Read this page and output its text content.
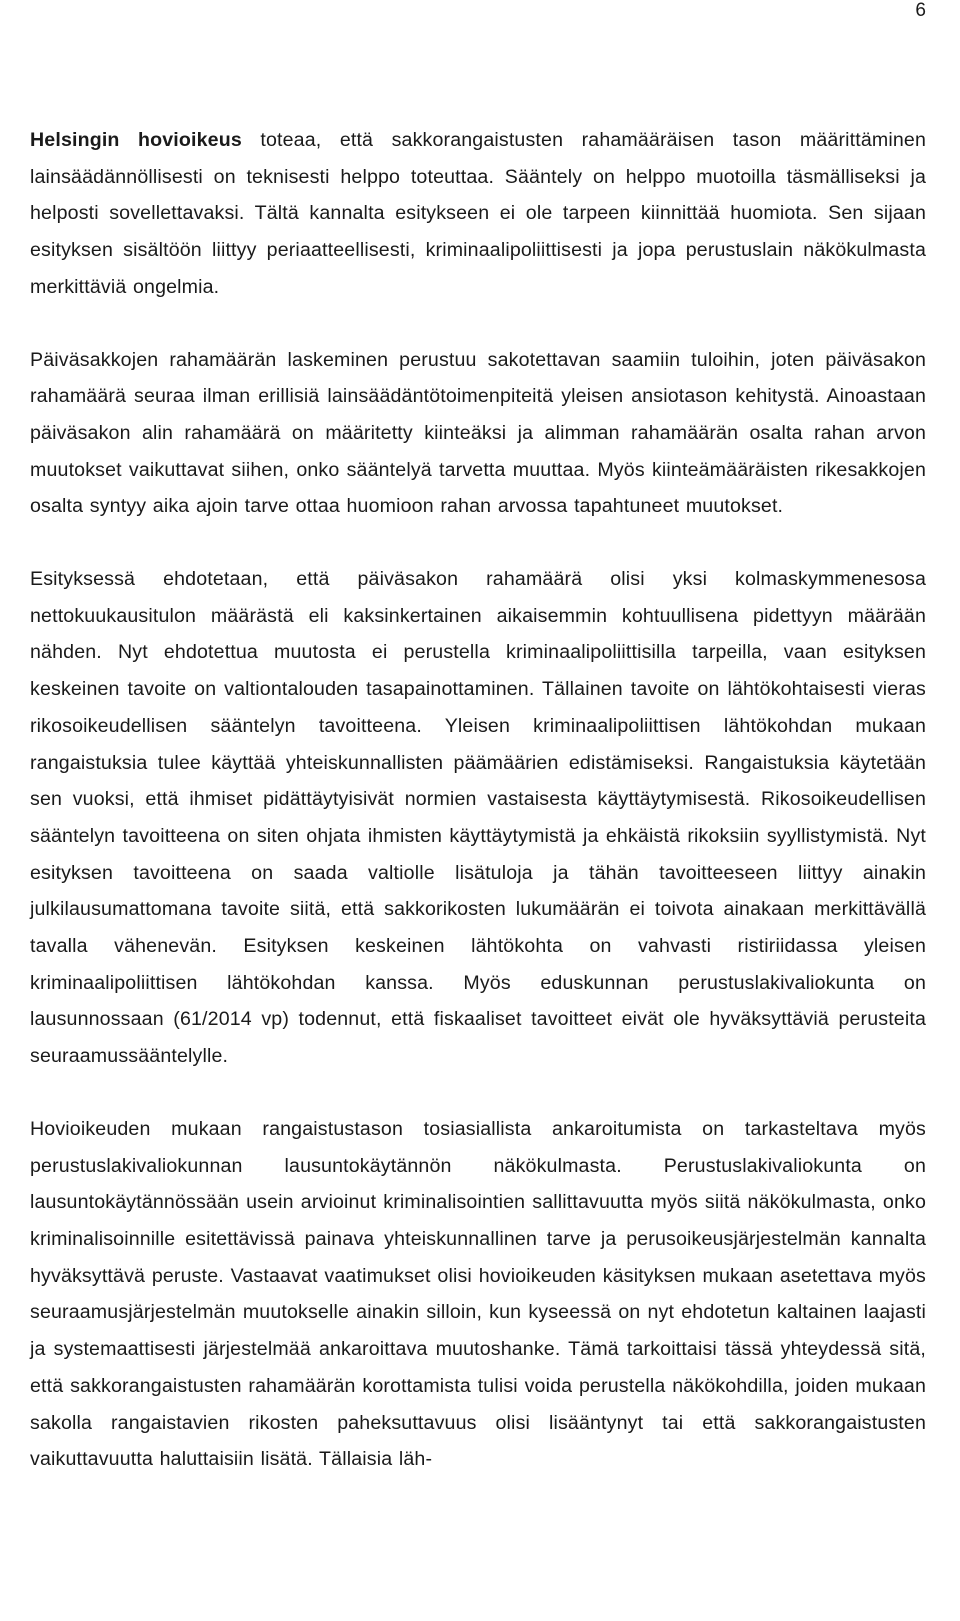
6

Helsingin hovioikeus toteaa, että sakkorangaistusten rahamääräisen tason määrittäminen lainsäädännöllisesti on teknisesti helppo toteuttaa. Sääntely on helppo muotoilla täsmälliseksi ja helposti sovellettavaksi. Tältä kannalta esitykseen ei ole tarpeen kiinnittää huomiota. Sen sijaan esityksen sisältöön liittyy periaatteellisesti, kriminaalipoliittisesti ja jopa perustuslain näkökulmasta merkittäviä ongelmia.

Päiväsakkojen rahamäärän laskeminen perustuu sakotettavan saamiin tuloihin, joten päiväsakon rahamäärä seuraa ilman erillisiä lainsäädäntötoimenpiteitä yleisen ansiotason kehitystä. Ainoastaan päiväsakon alin rahamäärä on määritetty kiinteäksi ja alimman rahamäärän osalta rahan arvon muutokset vaikuttavat siihen, onko sääntelyä tarvetta muuttaa. Myös kiinteämääräisten rikesakkojen osalta syntyy aika ajoin tarve ottaa huomioon rahan arvossa tapahtuneet muutokset.

Esityksessä ehdotetaan, että päiväsakon rahamäärä olisi yksi kolmaskymmenesosa nettokuukausitulon määrästä eli kaksinkertainen aikaisemmin kohtuullisena pidettyyn määrään nähden. Nyt ehdotettua muutosta ei perustella kriminaalipoliittisilla tarpeilla, vaan esityksen keskeinen tavoite on valtiontalouden tasapainottaminen. Tällainen tavoite on lähtökohtaisesti vieras rikosoikeudellisen sääntelyn tavoitteena. Yleisen kriminaalipoliittisen lähtökohdan mukaan rangaistuksia tulee käyttää yhteiskunnallisten päämäärien edistämiseksi. Rangaistuksia käytetään sen vuoksi, että ihmiset pidättäytyisivät normien vastaisesta käyttäytymisestä. Rikosoikeudellisen sääntelyn tavoitteena on siten ohjata ihmisten käyttäytymistä ja ehkäistä rikoksiin syyllistymistä. Nyt esityksen tavoitteena on saada valtiolle lisätuloja ja tähän tavoitteeseen liittyy ainakin julkilausumattomana tavoite siitä, että sakkorikosten lukumäärän ei toivota ainakaan merkittävällä tavalla vähenevän. Esityksen keskeinen lähtökohta on vahvasti ristiriidassa yleisen kriminaalipoliittisen lähtökohdan kanssa. Myös eduskunnan perustuslakivaliokunta on lausunnossaan (61/2014 vp) todennut, että fiskaaliset tavoitteet eivät ole hyväksyttäviä perusteita seuraamussääntelylle.

Hovioikeuden mukaan rangaistustason tosiasiallista ankaroitumista on tarkasteltava myös perustuslakivaliokunnan lausuntokäytännön näkökulmasta. Perustuslakivaliokunta on lausuntokäytännössään usein arvioinut kriminalisointien sallittavuutta myös siitä näkökulmasta, onko kriminalisoinnille esitettävissä painava yhteiskunnallinen tarve ja perusoikeusjärjestelmän kannalta hyväksyttävä peruste. Vastaavat vaatimukset olisi hovioikeuden käsityksen mukaan asetettava myös seuraamusjärjestelmän muutokselle ainakin silloin, kun kyseessä on nyt ehdotetun kaltainen laajasti ja systemaattisesti järjestelmää ankaroittava muutoshanke. Tämä tarkoittaisi tässä yhteydessä sitä, että sakkorangaistusten rahamäärän korottamista tulisi voida perustella näkökohdilla, joiden mukaan sakolla rangaistavien rikosten paheksuttavuus olisi lisääntynyt tai että sakkorangaistusten vaikuttavuutta haluttaisiin lisätä. Tällaisia läh-
